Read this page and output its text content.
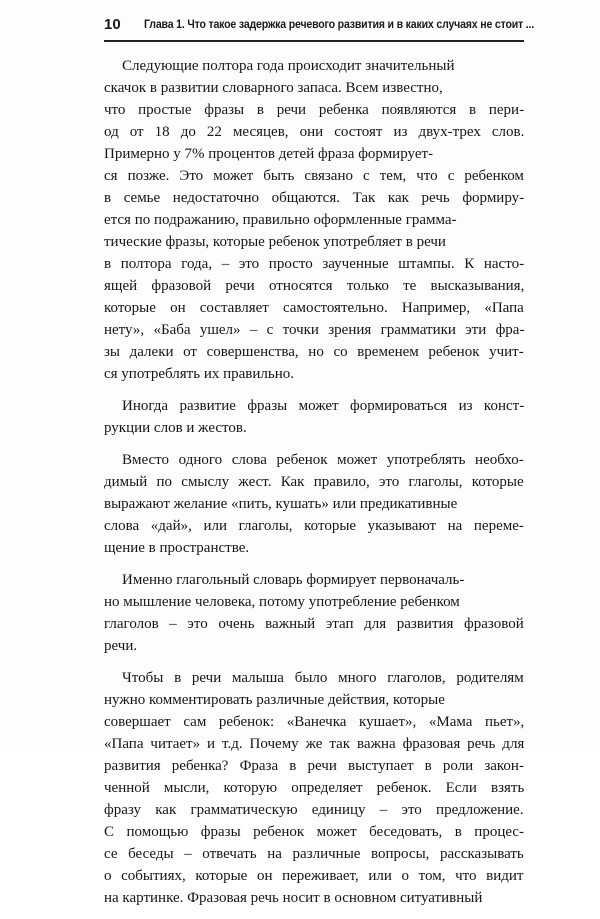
10 Глава 1. Что такое задержка речевого развития и в каких случаях не стоит ...

Следующие полтора года происходит значительный
скачок в развитии словарного запаса. Всем известно,
что простые фразы в речи ребенка появляются в пери-
од от 18 до 22 месяцев, они состоят из двух-трех слов.
Примерно у 7% процентов детей фраза формирует-
ся позже. Это может быть связано с тем, что с ребенком
в семье недостаточно общаются. Так как речь формиру-
ется по подражанию, правильно оформленные грамма-
тические фразы, которые ребенок употребляет в речи
в полтора года, – это просто заученные штампы. К насто-
ящей фразовой речи относятся только те высказывания,
которые он составляет самостоятельно. Например, «Папа
нету», «Баба ушел» – с точки зрения грамматики эти фра-
зы далеки от совершенства, но со временем ребенок учит-
ся употреблять их правильно.

Иногда развитие фразы может формироваться из конст-
рукции слов и жестов.

Вместо одного слова ребенок может употреблять необхо-
димый по смыслу жест. Как правило, это глаголы, которые
выражают желание «пить, кушать» или предикативные
слова «дай», или глаголы, которые указывают на переме-
щение в пространстве.

Именно глагольный словарь формирует первоначаль-
но мышление человека, потому употребление ребенком
глаголов – это очень важный этап для развития фразовой
речи.

Чтобы в речи малыша было много глаголов, родителям
нужно комментировать различные действия, которые
совершает сам ребенок: «Ванечка кушает», «Мама пьет»,
«Папа читает» и т.д. Почему же так важна фразовая речь для
развития ребенка? Фраза в речи выступает в роли закон-
ченной мысли, которую определяет ребенок. Если взять
фразу как грамматическую единицу – это предложение.
С помощью фразы ребенок может беседовать, в процес-
се беседы – отвечать на различные вопросы, рассказывать
о событиях, которые он переживает, или о том, что видит
на картинке. Фразовая речь носит в основном ситуативный
